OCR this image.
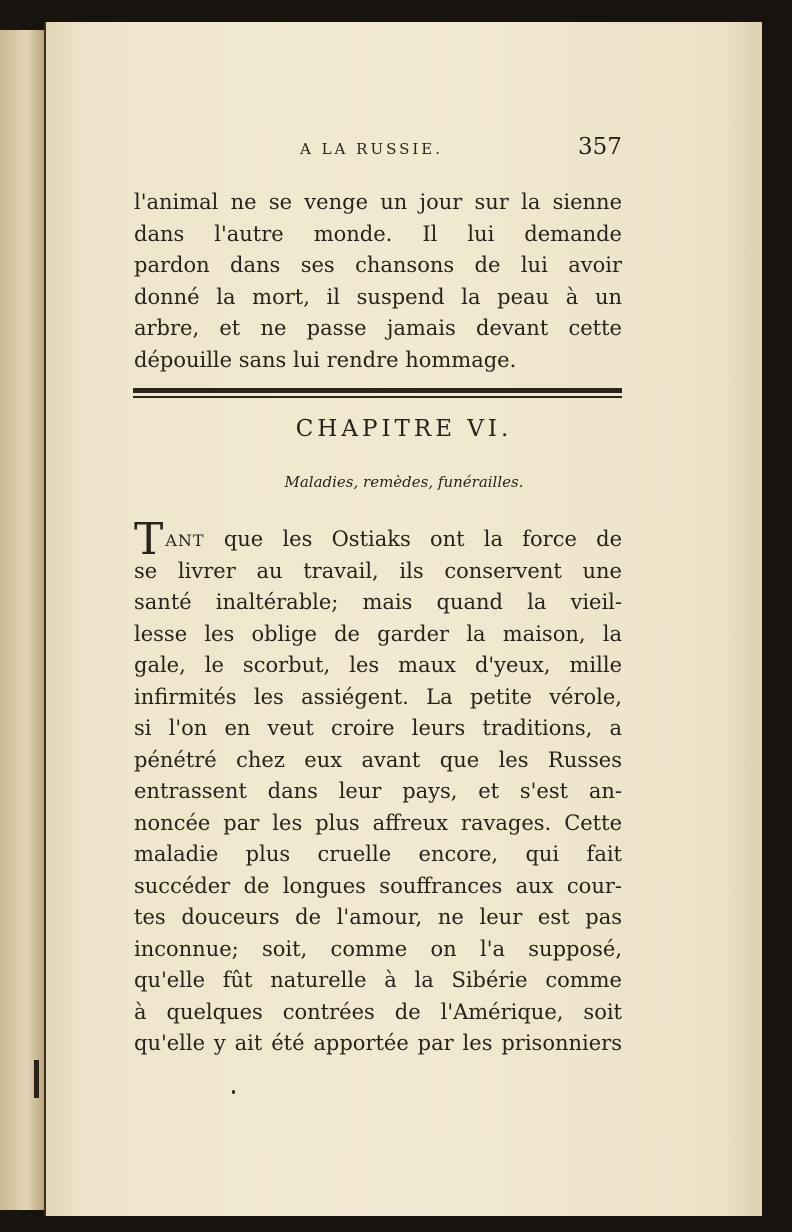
A LA RUSSIE.	357
l'animal ne se venge un jour sur la sienne
dans l'autre monde. Il lui demande
pardon dans ses chansons de lui avoir
donné la mort, il suspend la peau à un
arbre, et ne passe jamais devant cette
dépouille sans lui rendre hommage.
CHAPITRE VI.
Maladies, remèdes, funérailles.
TANT que les Ostiaks ont la force de
se livrer au travail, ils conservent une
santé inaltérable; mais quand la vieil-
lesse les oblige de garder la maison, la
gale, le scorbut, les maux d'yeux, mille
infirmités les assiégent. La petite vérole,
si l'on en veut croire leurs traditions, a
pénétré chez eux avant que les Russes
entrassent dans leur pays, et s'est an-
noncée par les plus affreux ravages. Cette
maladie plus cruelle encore, qui fait
succéder de longues souffrances aux cour-
tes douceurs de l'amour, ne leur est pas
inconnue; soit, comme on l'a supposé,
qu'elle fût naturelle à la Sibérie comme
à quelques contrées de l'Amérique, soit
qu'elle y ait été apportée par les prisonniers
